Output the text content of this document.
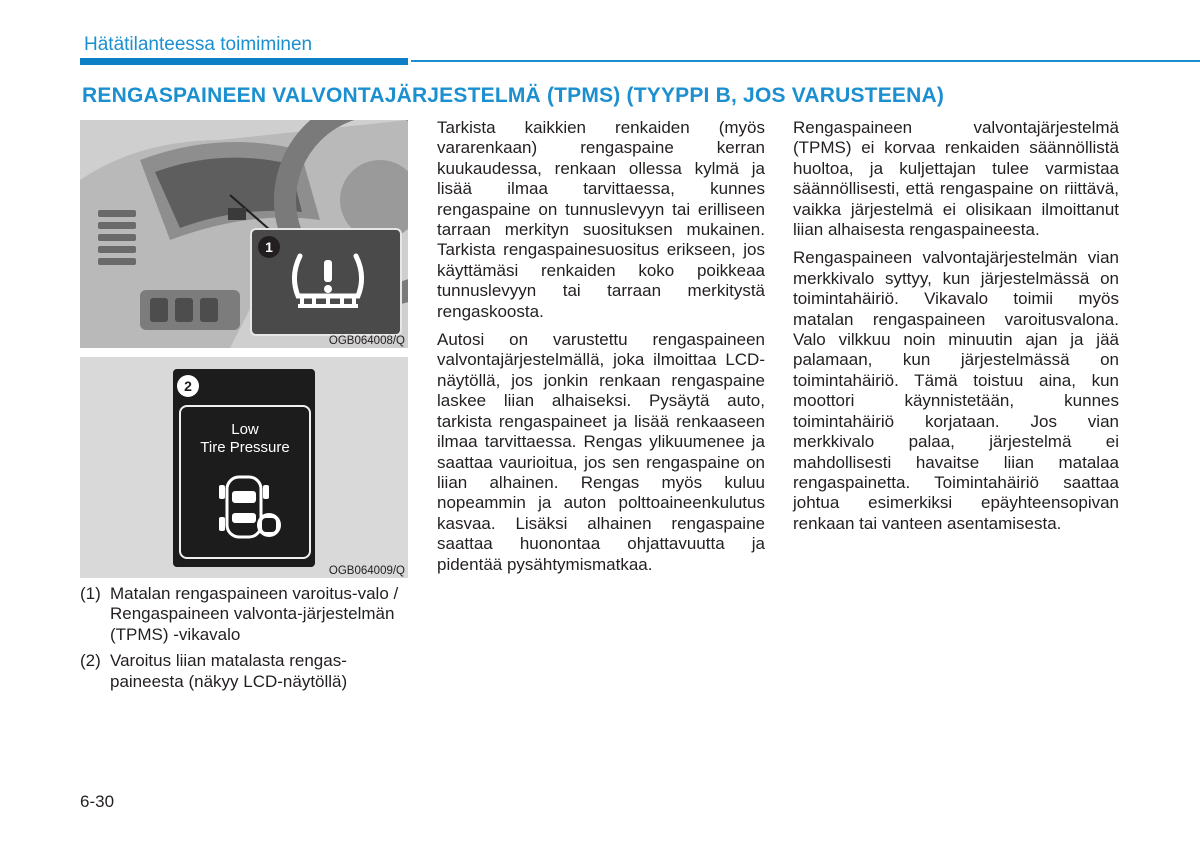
Hätätilanteessa toimiminen
RENGASPAINEEN VALVONTAJÄRJESTELMÄ (TPMS) (TYYPPI B, JOS VARUSTEENA)
1
OGB064008/Q
2
Low
Tire Pressure
OGB064009/Q
(1) Matalan rengaspaineen varoitus-valo / Rengaspaineen valvonta-järjestelmän (TPMS) -vikavalo
(2) Varoitus liian matalasta rengas-paineesta (näkyy LCD-näytöllä)

Tarkista kaikkien renkaiden (myös vararenkaan) rengaspaine kerran kuukaudessa, renkaan ollessa kylmä ja lisää ilmaa tarvittaessa, kunnes rengaspaine on tunnuslevyyn tai erilliseen tarraan merkityn suosituksen mukainen. Tarkista rengaspainesuositus erikseen, jos käyttämäsi renkaiden koko poikkeaa tunnuslevyyn tai tarraan merkitystä rengaskoosta.

Autosi on varustettu rengaspaineen valvontajärjestelmällä, joka ilmoittaa LCD-näytöllä, jos jonkin renkaan rengaspaine laskee liian alhaiseksi. Pysäytä auto, tarkista rengaspaineet ja lisää renkaaseen ilmaa tarvittaessa. Rengas ylikuumenee ja saattaa vaurioitua, jos sen rengaspaine on liian alhainen. Rengas myös kuluu nopeammin ja auton polttoaineenkulutus kasvaa. Lisäksi alhainen rengaspaine saattaa huonontaa ohjattavuutta ja pidentää pysähtymismatkaa.

Rengaspaineen valvontajärjestelmä (TPMS) ei korvaa renkaiden säännöllistä huoltoa, ja kuljettajan tulee varmistaa säännöllisesti, että rengaspaine on riittävä, vaikka järjestelmä ei olisikaan ilmoittanut liian alhaisesta rengaspaineesta.

Rengaspaineen valvontajärjestelmän vian merkkivalo syttyy, kun järjestelmässä on toimintahäiriö. Vikavalo toimii myös matalan rengaspaineen varoitusvalona. Valo vilkkuu noin minuutin ajan ja jää palamaan, kun järjestelmässä on toimintahäiriö. Tämä toistuu aina, kun moottori käynnistetään, kunnes toimintahäiriö korjataan. Jos vian merkkivalo palaa, järjestelmä ei mahdollisesti havaitse liian matalaa rengaspainetta. Toimintahäiriö saattaa johtua esimerkiksi epäyhteensopivan renkaan tai vanteen asentamisesta.

6-30
